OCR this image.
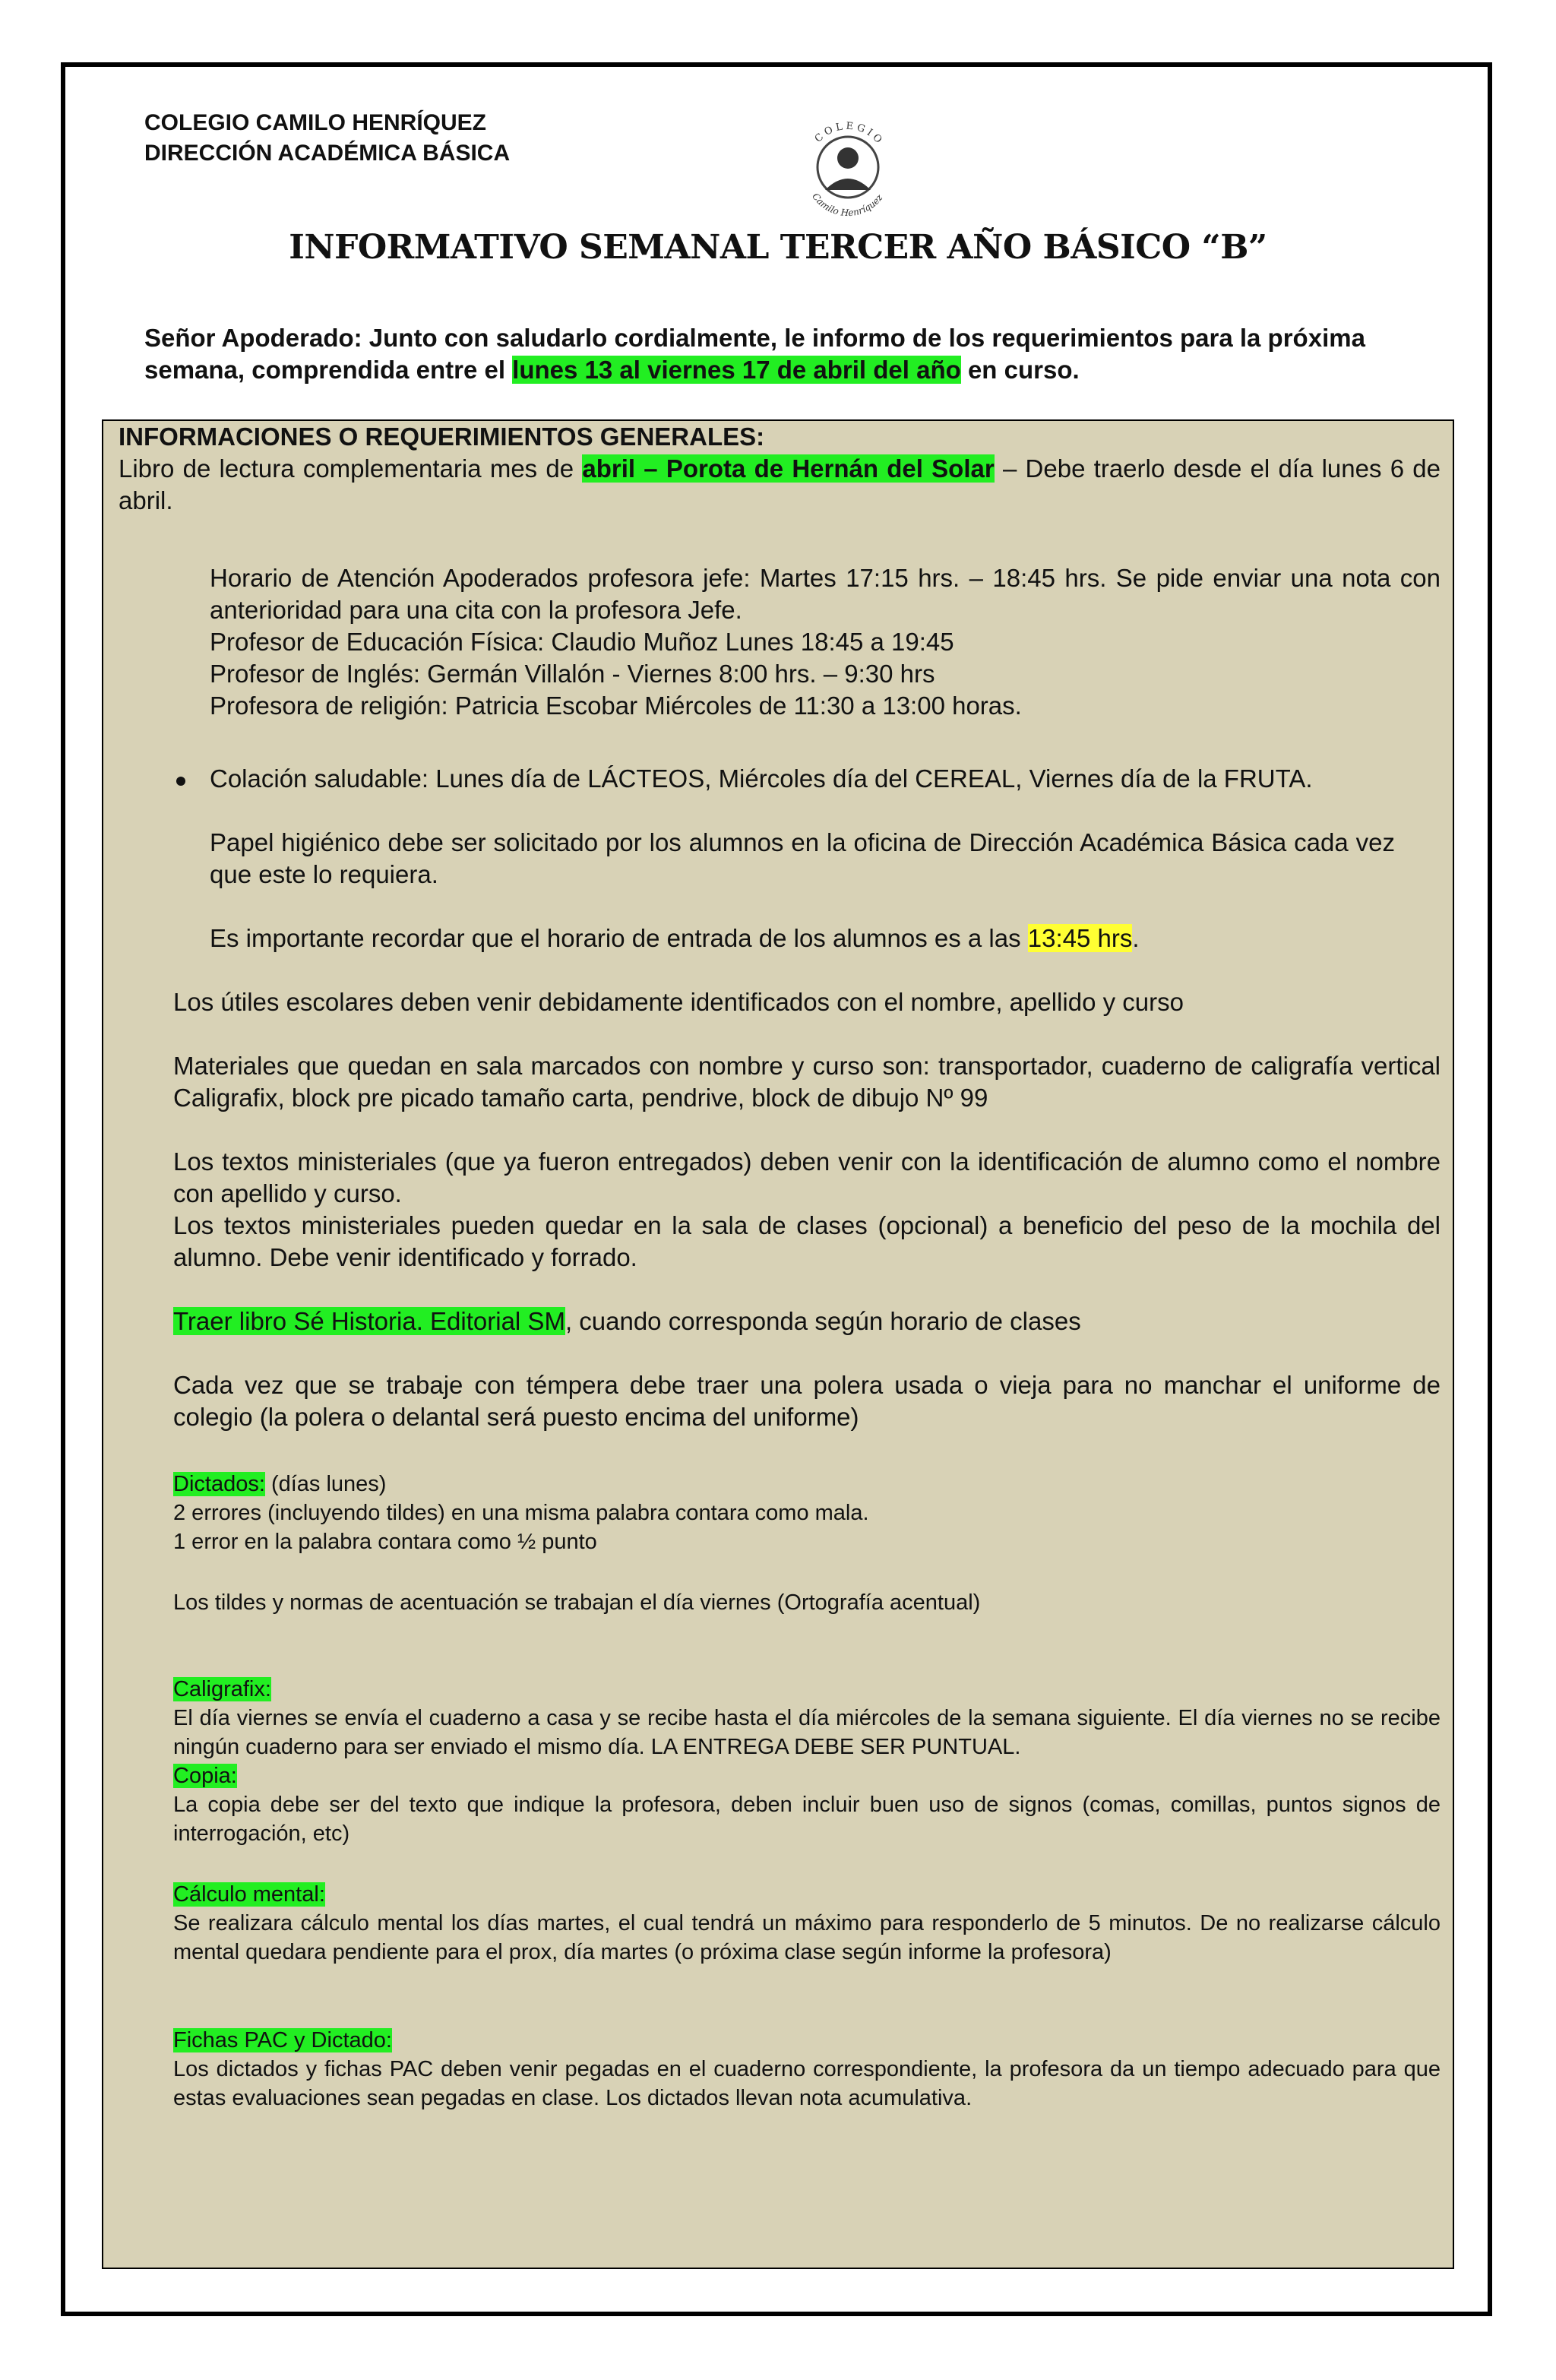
COLEGIO CAMILO HENRÍQUEZ
DIRECCIÓN ACADÉMICA BÁSICA
COLEGIO
Camilo Henríquez
INFORMATIVO SEMANAL TERCER AÑO BÁSICO “B”
Señor Apoderado: Junto con saludarlo cordialmente, le informo de los requerimientos para la próxima semana, comprendida entre el lunes 13 al viernes 17 de abril del año en curso.
INFORMACIONES O REQUERIMIENTOS GENERALES:
Libro de lectura complementaria mes de abril – Porota de Hernán del Solar – Debe traerlo desde el día lunes 6 de abril.
Horario de Atención Apoderados profesora jefe: Martes 17:15 hrs. – 18:45 hrs. Se pide enviar una nota con anterioridad para una cita con la profesora Jefe.
Profesor de Educación Física: Claudio Muñoz Lunes 18:45 a 19:45
Profesor de Inglés: Germán Villalón - Viernes 8:00 hrs. – 9:30 hrs
Profesora de religión: Patricia Escobar Miércoles de 11:30 a 13:00 horas.
Colación saludable: Lunes día de LÁCTEOS, Miércoles día del CEREAL, Viernes día de la FRUTA.
Papel higiénico debe ser solicitado por los alumnos en la oficina de Dirección Académica Básica cada vez que este lo requiera.
Es importante recordar que el horario de entrada de los alumnos es a las 13:45 hrs.
Los útiles escolares deben venir debidamente identificados con el nombre, apellido y curso
Materiales que quedan en sala marcados con nombre y curso son: transportador, cuaderno de caligrafía vertical Caligrafix, block pre picado tamaño carta, pendrive, block de dibujo Nº 99
Los textos ministeriales (que ya fueron entregados) deben venir con la identificación de alumno como el nombre con apellido y curso.
Los textos ministeriales pueden quedar en la sala de clases (opcional) a beneficio del peso de la mochila del alumno. Debe venir identificado y forrado.
Traer libro Sé Historia. Editorial SM, cuando corresponda según horario de clases
Cada vez que se trabaje con témpera debe traer una polera usada o vieja para no manchar el uniforme de colegio (la polera o delantal será puesto encima del uniforme)
Dictados: (días lunes)
2 errores (incluyendo tildes) en una misma palabra contara como mala.
1 error en la palabra contara como ½ punto
Los tildes y normas de acentuación se trabajan el día viernes (Ortografía acentual)
Caligrafix:
El día viernes se envía el cuaderno a casa y se recibe hasta el día miércoles de la semana siguiente. El día viernes no se recibe ningún cuaderno para ser enviado el mismo día. LA ENTREGA DEBE SER PUNTUAL.
Copia:
La copia debe ser del texto que indique la profesora, deben incluir buen uso de signos (comas, comillas, puntos signos de interrogación, etc)
Cálculo mental:
Se realizara cálculo mental los días martes, el cual tendrá un máximo para responderlo de 5 minutos. De no realizarse cálculo mental quedara pendiente para el prox, día martes (o próxima clase según informe la profesora)
Fichas PAC y Dictado:
Los dictados y fichas PAC deben venir pegadas en el cuaderno correspondiente, la profesora da un tiempo adecuado para que estas evaluaciones sean pegadas en clase. Los dictados llevan nota acumulativa.
